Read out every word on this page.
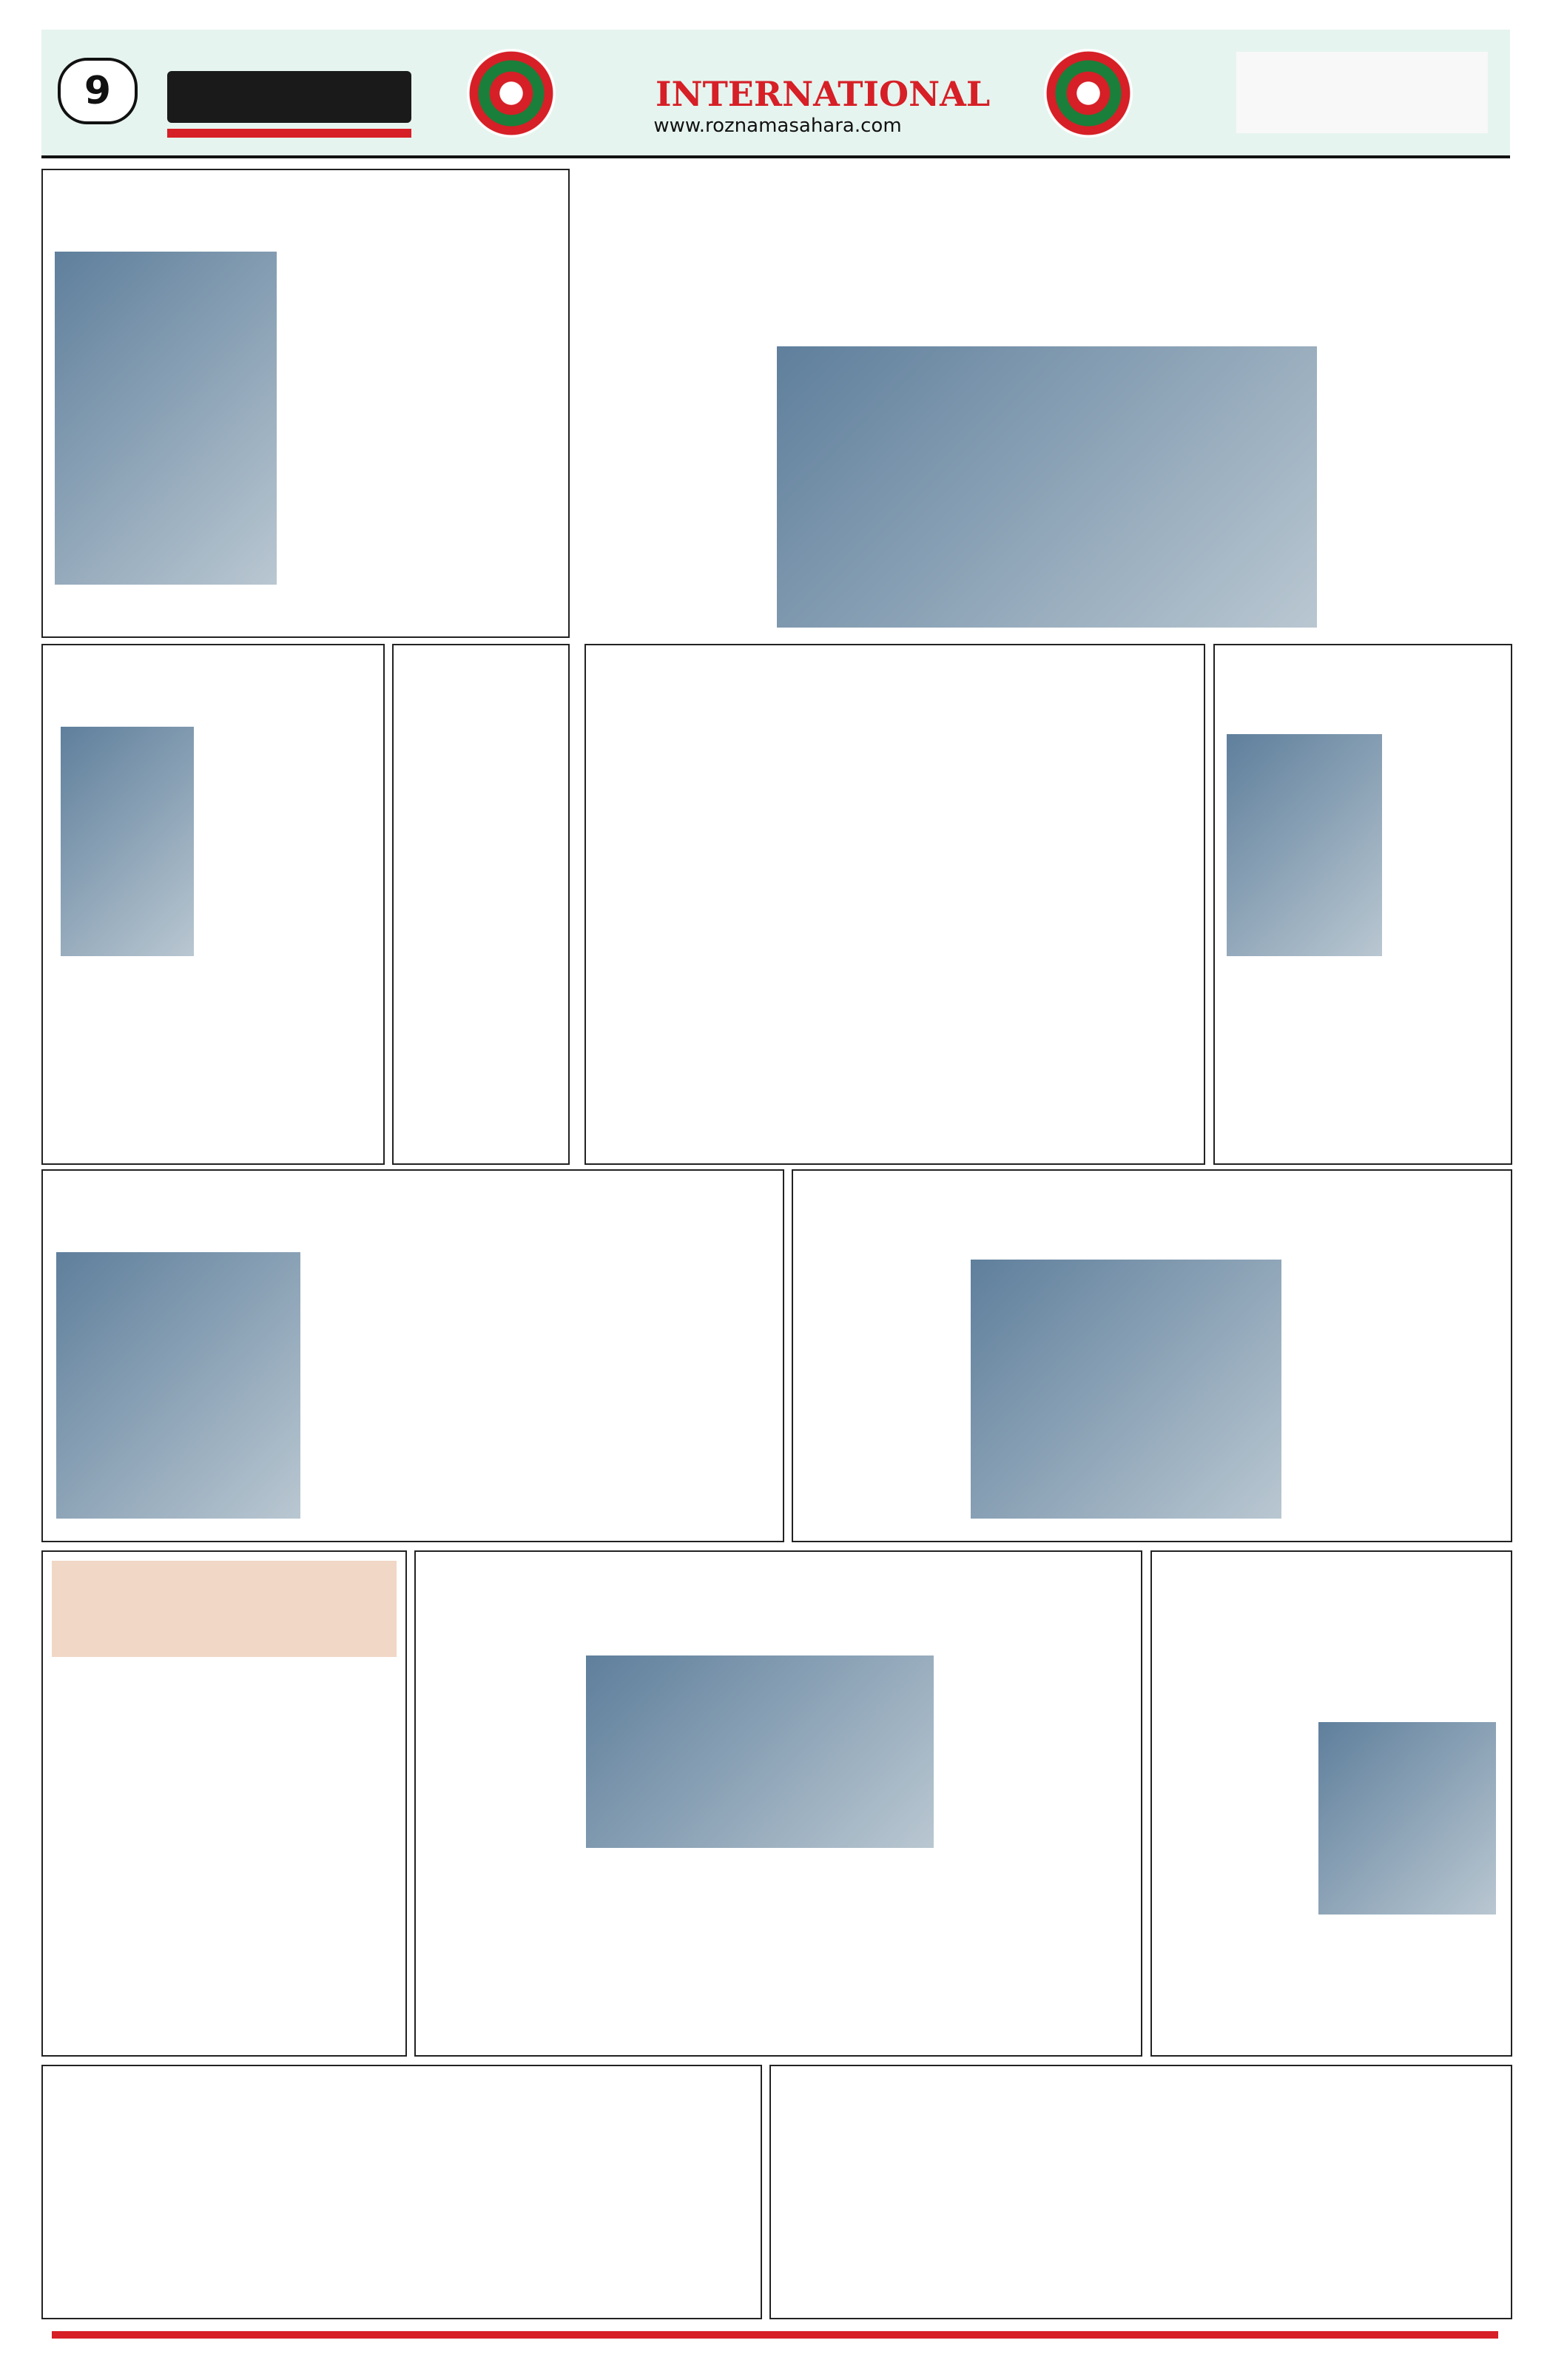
9	INTERNATIONAL
www.roznamasahara.com
